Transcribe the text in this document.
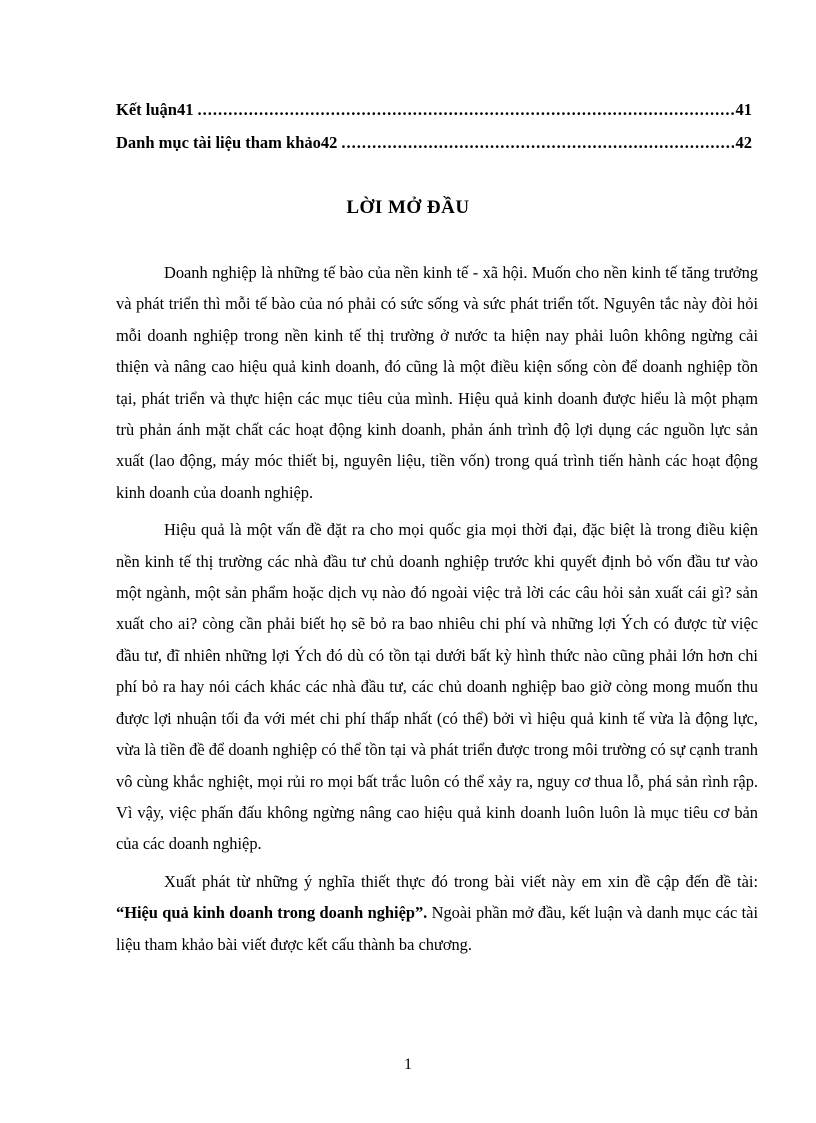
Kết luận41 .....	41
Danh mục tài liệu tham khảo42 .....	42
LỜI MỞ ĐẦU

Doanh nghiệp là những tế bào của nền kinh tế - xã hội. Muốn cho nền kinh tế tăng trưởng và phát triển thì mỗi tế bào của nó phải có sức sống và sức phát triển tốt. Nguyên tắc này đòi hỏi mỗi doanh nghiệp trong nền kinh tế thị trường ở nước ta hiện nay phải luôn không ngừng cải thiện và nâng cao hiệu quả kinh doanh, đó cũng là một điều kiện sống còn để doanh nghiệp tồn tại, phát triển và thực hiện các mục tiêu của mình. Hiệu quả kinh doanh được hiểu là một phạm trù phản ánh mặt chất các hoạt động kinh doanh, phản ánh trình độ lợi dụng các nguồn lực sản xuất (lao động, máy móc thiết bị, nguyên liệu, tiền vốn) trong quá trình tiến hành các hoạt động kinh doanh của doanh nghiệp.

Hiệu quả là một vấn đề đặt ra cho mọi quốc gia mọi thời đại, đặc biệt là trong điều kiện nền kinh tế thị trường các nhà đầu tư chủ doanh nghiệp trước khi quyết định bỏ vốn đầu tư vào một ngành, một sản phẩm hoặc dịch vụ nào đó ngoài việc trả lời các câu hỏi sản xuất cái gì? sản xuất cho ai? còng cần phải biết họ sẽ bỏ ra bao nhiêu chi phí và những lợi Ých có được từ việc đầu tư, đĩ nhiên những lợi Ých đó dù có tồn tại dưới bất kỳ hình thức nào cũng phải lớn hơn chi phí bỏ ra hay nói cách khác các nhà đầu tư, các chủ doanh nghiệp bao giờ còng mong muốn thu được lợi nhuận tối đa với mét chi phí thấp nhất (có thể) bởi vì hiệu quả kinh tế vừa là động lực, vừa là tiền đề để doanh nghiệp có thể tồn tại và phát triển được trong môi trường có sự cạnh tranh vô cùng khắc nghiệt, mọi rủi ro mọi bất trắc luôn có thể xảy ra, nguy cơ thua lỗ, phá sản rình rập. Vì vậy, việc phấn đấu không ngừng nâng cao hiệu quả kinh doanh luôn luôn là mục tiêu cơ bản của các doanh nghiệp.

Xuất phát từ những ý nghĩa thiết thực đó trong bài viết này em xin đề cập đến đề tài: “Hiệu quả kinh doanh trong doanh nghiệp”. Ngoài phần mở đầu, kết luận và danh mục các tài liệu tham khảo bài viết được kết cấu thành ba chương.

1
